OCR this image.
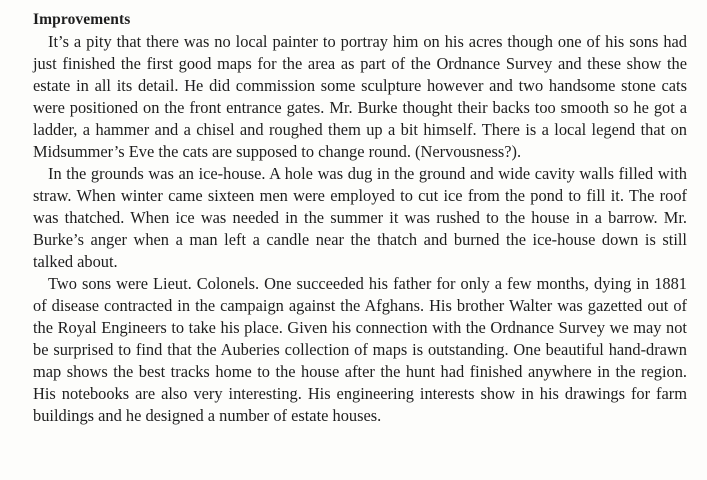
Improvements

It’s a pity that there was no local painter to portray him on his acres though one of his sons had just finished the first good maps for the area as part of the Ordnance Survey and these show the estate in all its detail. He did commission some sculpture however and two handsome stone cats were positioned on the front entrance gates. Mr. Burke thought their backs too smooth so he got a ladder, a hammer and a chisel and roughed them up a bit himself. There is a local legend that on Midsummer’s Eve the cats are supposed to change round. (Nervousness?).

In the grounds was an ice-house. A hole was dug in the ground and wide cavity walls filled with straw. When winter came sixteen men were employed to cut ice from the pond to fill it. The roof was thatched. When ice was needed in the summer it was rushed to the house in a barrow. Mr. Burke’s anger when a man left a candle near the thatch and burned the ice-house down is still talked about.

Two sons were Lieut. Colonels. One succeeded his father for only a few months, dying in 1881 of disease contracted in the campaign against the Afghans. His brother Walter was gazetted out of the Royal Engineers to take his place. Given his connection with the Ordnance Survey we may not be surprised to find that the Auberies collection of maps is outstanding. One beautiful hand-drawn map shows the best tracks home to the house after the hunt had finished anywhere in the region. His notebooks are also very interesting. His engineering interests show in his drawings for farm buildings and he designed a number of estate houses.
